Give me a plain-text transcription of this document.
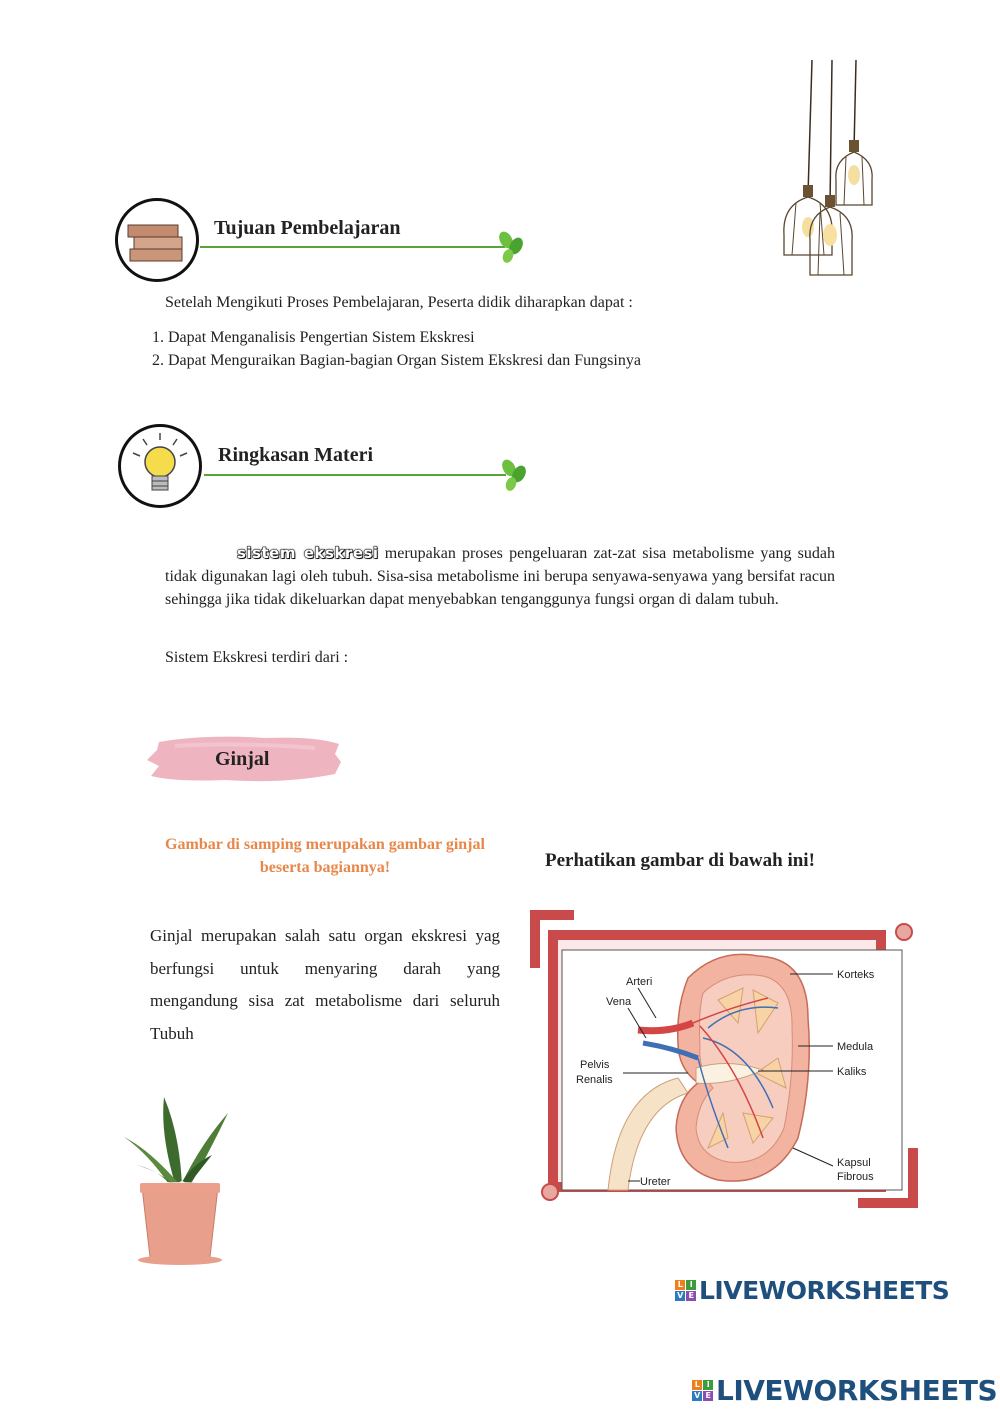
Tujuan Pembelajaran
Setelah Mengikuti Proses Pembelajaran, Peserta didik diharapkan dapat :
1. Dapat Menganalisis Pengertian Sistem Ekskresi
2. Dapat Menguraikan Bagian-bagian Organ Sistem Ekskresi dan Fungsinya
Ringkasan Materi
sistem ekskresi merupakan proses pengeluaran zat-zat sisa metabolisme yang sudah tidak digunakan lagi oleh tubuh. Sisa-sisa metabolisme ini berupa senyawa-senyawa yang bersifat racun sehingga jika tidak dikeluarkan dapat menyebabkan tenganggunya fungsi organ di dalam tubuh.
Sistem Ekskresi terdiri dari :
Ginjal
Gambar di samping merupakan gambar ginjal beserta bagiannya!	Perhatikan gambar di bawah ini!
Ginjal merupakan salah satu organ ekskresi yag berfungsi untuk menyaring darah yang mengandung sisa zat metabolisme dari seluruh Tubuh
Arteri
Vena
Pelvis
Renalis
Ureter
Korteks
Medula
Kaliks
Kapsul
Fibrous
L I
V E LIVEWORKSHEETS
L I
V E LIVEWORKSHEETS
